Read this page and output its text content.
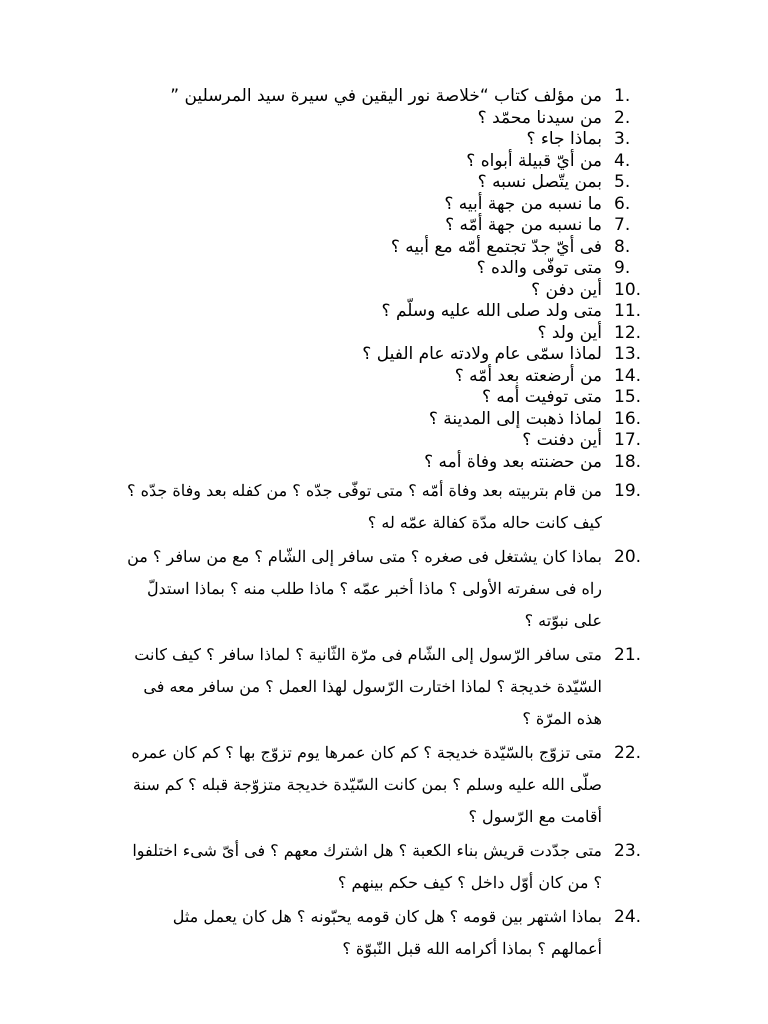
1.
من مؤلف كتاب “خلاصة نور اليقين في سيرة سيد المرسلين ”
2.
من سيدنا محمّد ؟
3.
بماذا جاء ؟
4.
من أيّ قبيلة أبواه ؟
5.
بمن يتّصل نسبه ؟
6.
ما نسبه من جهة أبيه ؟
7.
ما نسبه من جهة أمّه ؟
8.
فى أيّ جدّ تجتمع أمّه مع أبيه ؟
9.
متى توفّى والده ؟
10.
أين دفن ؟
11.
متى ولد صلى الله عليه وسلّم ؟
12.
أين ولد ؟
13.
لماذا سمّى عام ولادته عام الفيل ؟
14.
من أرضعته بعد أمّه ؟
15.
متى توفيت أمه ؟
16.
لماذا ذهبت إلى المدينة ؟
17.
أين دفنت ؟
18.
من حضنته بعد وفاة أمه ؟
19.
من قام بتربيته بعد وفاة أمّه ؟ متى توفّى جدّه ؟ من كفله بعد وفاة جدّه ؟ كيف كانت حاله مدّة كفالة عمّه له ؟
20.
بماذا كان يشتغل فى صغره ؟ متى سافر إلى الشّام ؟ مع من سافر ؟ من راه فى سفرته الأولى ؟ ماذا أخبر عمّه ؟ ماذا طلب منه ؟ بماذا استدلّ على نبوّته ؟
21.
متى سافر الرّسول إلى الشّام فى مرّة الثّانية ؟ لماذا سافر ؟ كيف كانت السّيّدة خديجة ؟ لماذا اختارت الرّسول لهذا العمل ؟ من سافر معه فى هذه المرّة ؟
22.
متى تزوّج بالسّيّدة خديجة ؟ كم كان عمرها يوم تزوّج بها ؟ كم كان عمره صلّى الله عليه وسلم ؟ بمن كانت السّيّدة خديجة متزوّجة قبله ؟ كم سنة أقامت مع الرّسول ؟
23.
متى جدّدت قريش بناء الكعبة ؟ هل اشترك معهم ؟ فى أىّ شىء اختلفوا ؟ من كان أوّل داخل ؟ كيف حكم بينهم ؟
24.
بماذا اشتهر بين قومه ؟ هل كان قومه يحبّونه ؟ هل كان يعمل مثل أعمالهم ؟ بماذا أكرامه الله قبل النّبوّة ؟
